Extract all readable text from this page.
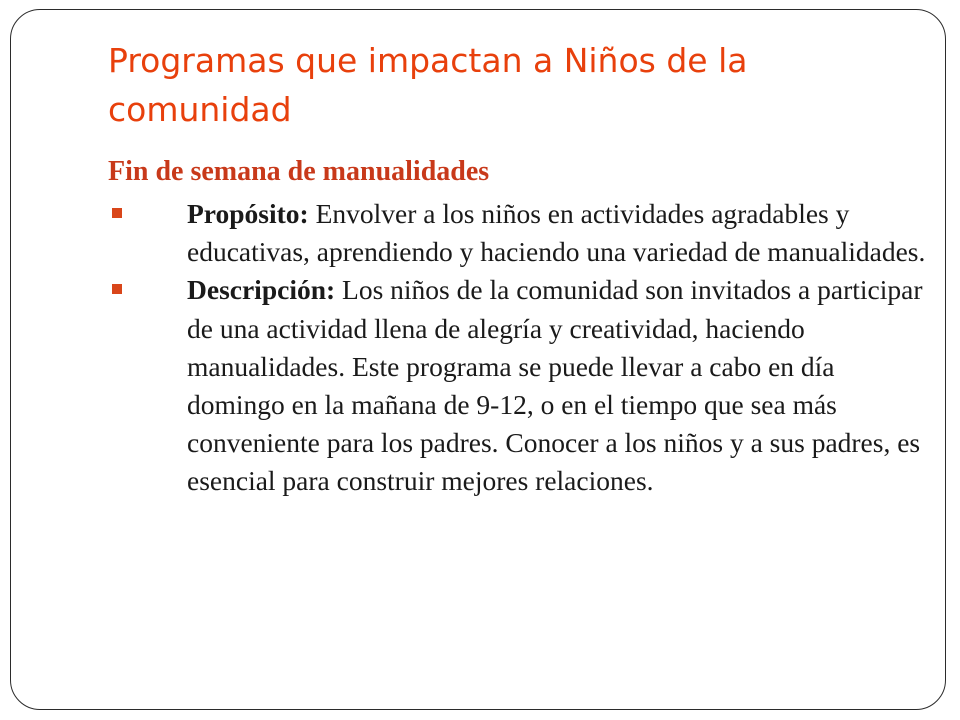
Programas que impactan a Niños de la comunidad

Fin de semana de manualidades

Propósito: Envolver a los niños en actividades agradables y educativas, aprendiendo y haciendo una variedad de manualidades.
Descripción: Los niños de la comunidad son invitados a participar de una actividad llena de alegría y creatividad, haciendo manualidades. Este programa se puede llevar a cabo en día domingo en la mañana de 9-12, o en el tiempo que sea más conveniente para los padres. Conocer a los niños y a sus padres, es esencial para construir mejores relaciones.
